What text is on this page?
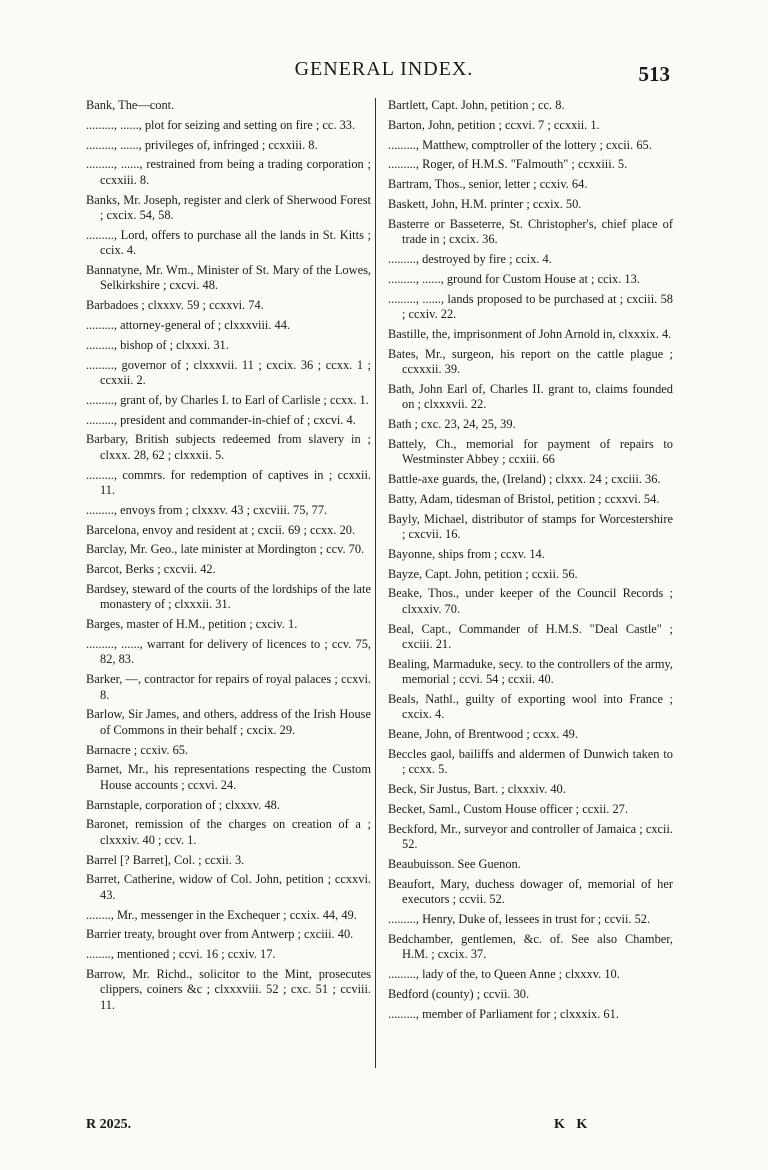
GENERAL INDEX.	513

Bank, The—cont.

........., ......, plot for seizing and setting on fire ; cc. 33.

........., ......, privileges of, infringed ; ccxxiii. 8.

........., ......, restrained from being a trading corporation ; ccxxiii. 8.

Banks, Mr. Joseph, register and clerk of Sherwood Forest ; cxcix. 54, 58.

........., Lord, offers to purchase all the lands in St. Kitts ; ccix. 4.

Bannatyne, Mr. Wm., Minister of St. Mary of the Lowes, Selkirkshire ; cxcvi. 48.

Barbadoes ; clxxxv. 59 ; ccxxvi. 74.

........., attorney-general of ; clxxxviii. 44.

........., bishop of ; clxxxi. 31.

........., governor of ; clxxxvii. 11 ; cxcix. 36 ; ccxx. 1 ; ccxxii. 2.

........., grant of, by Charles I. to Earl of Carlisle ; ccxx. 1.

........., president and commander-in-chief of ; cxcvi. 4.

Barbary, British subjects redeemed from slavery in ; clxxx. 28, 62 ; clxxxii. 5.

........., commrs. for redemption of captives in ; ccxxii. 11.

........., envoys from ; clxxxv. 43 ; cxcviii. 75, 77.

Barcelona, envoy and resident at ; cxcii. 69 ; ccxx. 20.

Barclay, Mr. Geo., late minister at Mordington ; ccv. 70.

Barcot, Berks ; cxcvii. 42.

Bardsey, steward of the courts of the lordships of the late monastery of ; clxxxii. 31.

Barges, master of H.M., petition ; cxciv. 1.

........., ......, warrant for delivery of licences to ; ccv. 75, 82, 83.

Barker, —, contractor for repairs of royal palaces ; ccxvi. 8.

Barlow, Sir James, and others, address of the Irish House of Commons in their behalf ; cxcix. 29.

Barnacre ; ccxiv. 65.

Barnet, Mr., his representations respecting the Custom House accounts ; ccxvi. 24.

Barnstaple, corporation of ; clxxxv. 48.

Baronet, remission of the charges on creation of a ; clxxxiv. 40 ; ccv. 1.

Barrel [? Barret], Col. ; ccxii. 3.

Barret, Catherine, widow of Col. John, petition ; ccxxvi. 43.

........, Mr., messenger in the Exchequer ; ccxix. 44, 49.

Barrier treaty, brought over from Antwerp ; cxciii. 40.

........, mentioned ; ccvi. 16 ; ccxiv. 17.

Barrow, Mr. Richd., solicitor to the Mint, prosecutes clippers, coiners &c ; clxxxviii. 52 ; cxc. 51 ; ccviii. 11.

Bartlett, Capt. John, petition ; cc. 8.

Barton, John, petition ; ccxvi. 7 ; ccxxii. 1.

........., Matthew, comptroller of the lottery ; cxcii. 65.

........., Roger, of H.M.S. "Falmouth" ; ccxxiii. 5.

Bartram, Thos., senior, letter ; ccxiv. 64.

Baskett, John, H.M. printer ; ccxix. 50.

Basterre or Basseterre, St. Christopher's, chief place of trade in ; cxcix. 36.

........., destroyed by fire ; ccix. 4.

........., ......, ground for Custom House at ; ccix. 13.

........., ......, lands proposed to be purchased at ; cxciii. 58 ; ccxiv. 22.

Bastille, the, imprisonment of John Arnold in, clxxxix. 4.

Bates, Mr., surgeon, his report on the cattle plague ; ccxxxii. 39.

Bath, John Earl of, Charles II. grant to, claims founded on ; clxxxvii. 22.

Bath ; cxc. 23, 24, 25, 39.

Battely, Ch., memorial for payment of repairs to Westminster Abbey ; ccxiii. 66

Battle-axe guards, the, (Ireland) ; clxxx. 24 ; cxciii. 36.

Batty, Adam, tidesman of Bristol, petition ; ccxxvi. 54.

Bayly, Michael, distributor of stamps for Worcestershire ; cxcvii. 16.

Bayonne, ships from ; ccxv. 14.

Bayze, Capt. John, petition ; ccxii. 56.

Beake, Thos., under keeper of the Council Records ; clxxxiv. 70.

Beal, Capt., Commander of H.M.S. "Deal Castle" ; cxciii. 21.

Bealing, Marmaduke, secy. to the controllers of the army, memorial ; ccvi. 54 ; ccxii. 40.

Beals, Nathl., guilty of exporting wool into France ; cxcix. 4.

Beane, John, of Brentwood ; ccxx. 49.

Beccles gaol, bailiffs and aldermen of Dunwich taken to ; ccxx. 5.

Beck, Sir Justus, Bart. ; clxxxiv. 40.

Becket, Saml., Custom House officer ; ccxii. 27.

Beckford, Mr., surveyor and controller of Jamaica ; cxcii. 52.

Beaubuisson. See Guenon.

Beaufort, Mary, duchess dowager of, memorial of her executors ; ccvii. 52.

........., Henry, Duke of, lessees in trust for ; ccvii. 52.

Bedchamber, gentlemen, &c. of. See also Chamber, H.M. ; cxcix. 37.

........., lady of the, to Queen Anne ; clxxxv. 10.

Bedford (county) ; ccvii. 30.

........., member of Parliament for ; clxxxix. 61.

R 2025.	K K
